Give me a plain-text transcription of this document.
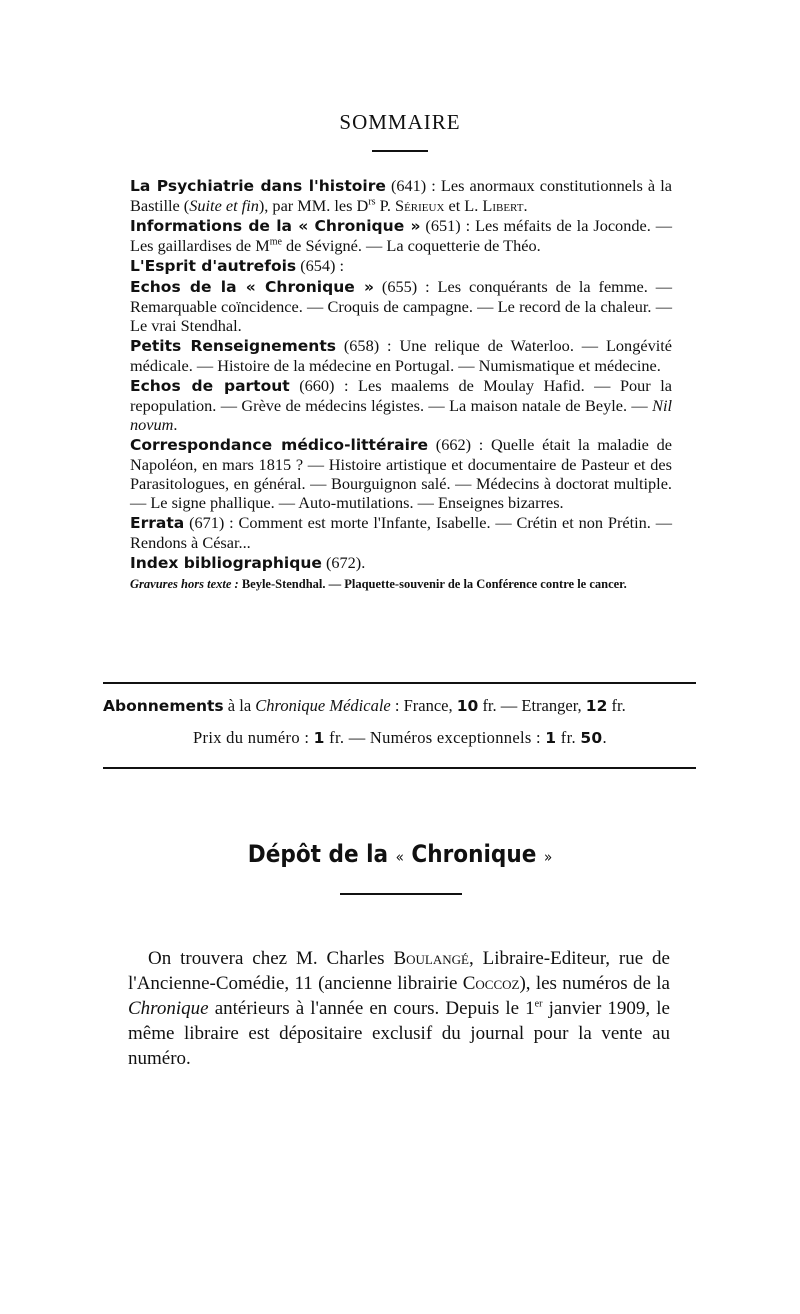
SOMMAIRE

La Psychiatrie dans l'histoire (641) : Les anormaux constitutionnels à la Bastille (Suite et fin), par MM. les $D^{rs}$ P. Sérieux et L. Libert.

Informations de la « Chronique » (651) : Les méfaits de la Joconde. — Les gaillardises de $M^{me}$ de Sévigné. — La coquetterie de Théo.

L'Esprit d'autrefois (654) :

Echos de la « Chronique » (655) : Les conquérants de la femme. — Remarquable coïncidence. — Croquis de campagne. — Le record de la chaleur. — Le vrai Stendhal.

Petits Renseignements (658) : Une relique de Waterloo. — Longévité médicale. — Histoire de la médecine en Portugal. — Numismatique et médecine.

Echos de partout (660) : Les maalems de Moulay Hafid. — Pour la repopulation. — Grève de médecins légistes. — La maison natale de Beyle. — Nil novum.

Correspondance médico-littéraire (662) : Quelle était la maladie de Napoléon, en mars 1815 ? — Histoire artistique et documentaire de Pasteur et des Parasitologues, en général. — Bourguignon salé. — Médecins à doctorat multiple. — Le signe phallique. — Auto-mutilations. — Enseignes bizarres.

Errata (671) : Comment est morte l'Infante, Isabelle. — Crétin et non Prétin. — Rendons à César...

Index bibliographique (672).

Gravures hors texte : Beyle-Stendhal. — Plaquette-souvenir de la Conférence contre le cancer.

Abonnements à la Chronique Médicale : France, 10 fr. — Etranger, 12 fr.
Prix du numéro : 1 fr. — Numéros exceptionnels : 1 fr. 50.
Dépôt de la « Chronique »

On trouvera chez M. Charles Boulangé, Libraire-Editeur, rue de l'Ancienne-Comédie, 11 (ancienne librairie Coccoz), les numéros de la Chronique antérieurs à l'année en cours. Depuis le 1er janvier 1909, le même libraire est dépositaire exclusif du journal pour la vente au numéro.
